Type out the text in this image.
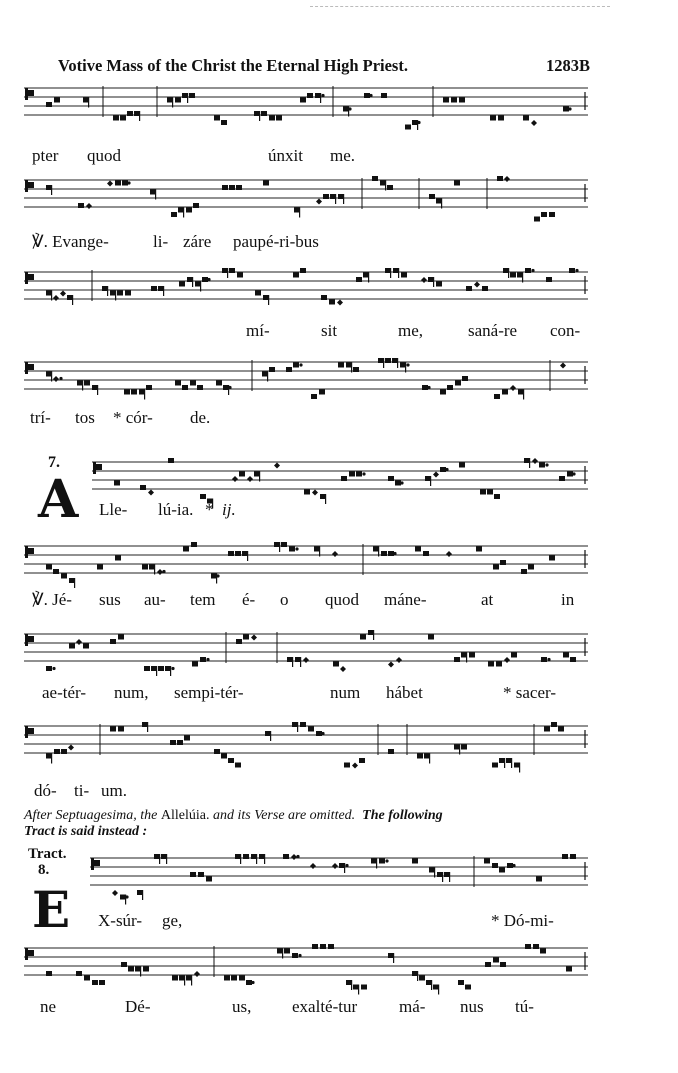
Votive Mass of the Christ the Eternal High Priest.	1283B
pter quod	únxit me.
℣. Evange-	li- záre paupé-ri-bus
mí-	sit	me,	saná-re con-
trí- tos * cór- de.
7.
A Lle- lú-ia. * ij.
℣. Jé- sus au- tem é- o quod máne-	at	in
ae-tér- num, sempi-tér-	num hábet	* sacer-
dó- ti- um.
After Septuagesima, the Allelúia. and its Verse are omitted. The following
Tract is said instead :
Tract.
8.
E X-súr- ge,	* Dó-mi-
ne	Dé-	us, exalté-tur má- nus tú-
